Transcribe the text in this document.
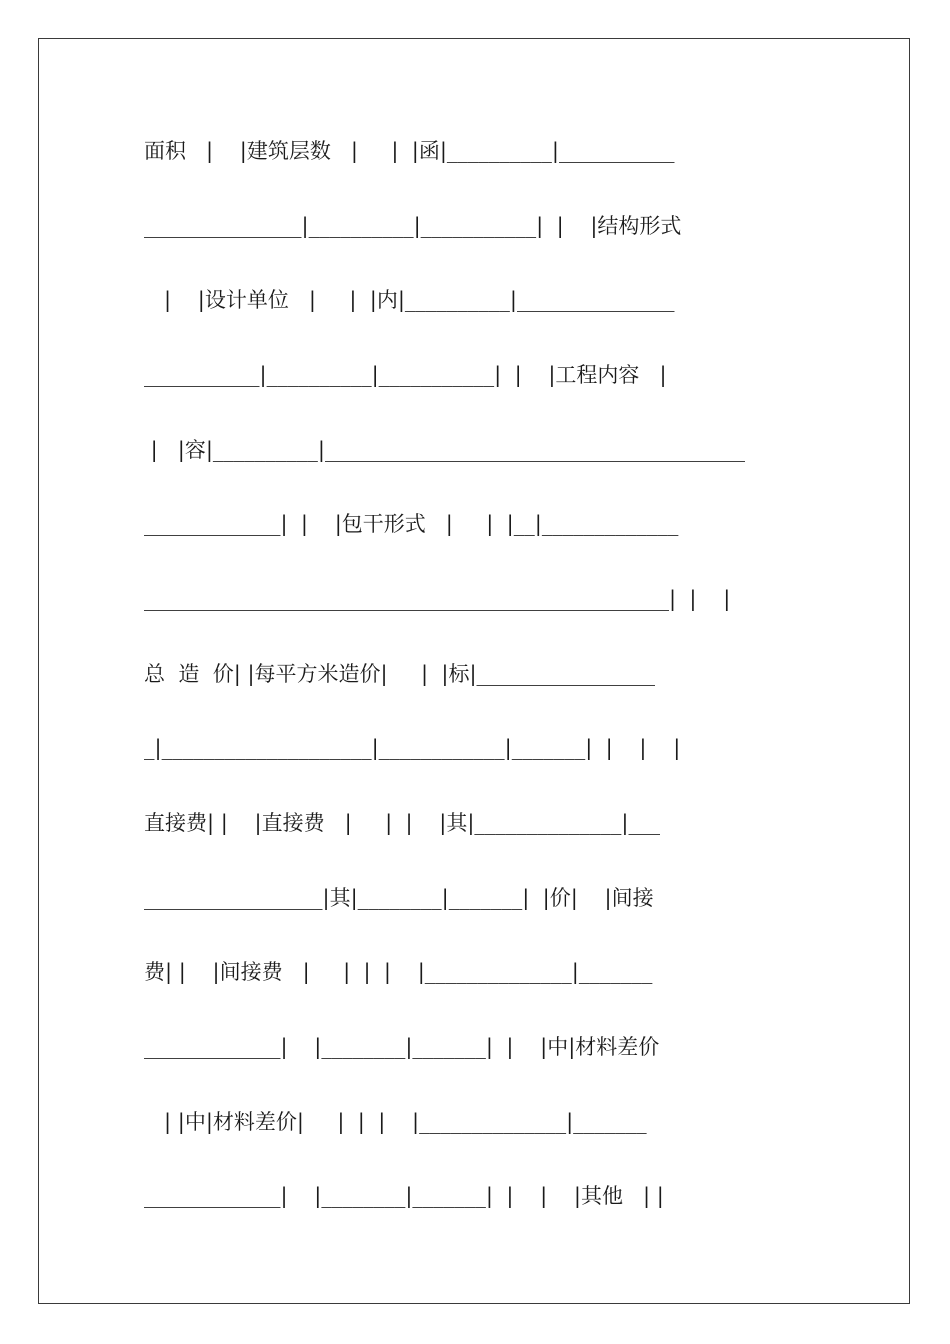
面积   |    |建筑层数   |     |  |函|__________|___________
_______________|__________|___________|  |    |结构形式
|    |设计单位   |     |  |内|__________|_______________
___________|__________|___________|  |    |工程内容   |
|   |容|__________|________________________________________
_____________|  |    |包干形式   |     |  |__|_____________
__________________________________________________|  |    |
总  造  价| |每平方米造价|     |  |标|_________________
_|____________________|____________|_______|  |    |    |
直接费| |    |直接费   |     |  |    |其|______________|___
_________________|其|________|_______|  |价|    |间接
费| |    |间接费   |     |  |  |    |______________|_______
_____________|    |________|_______|  |    |中|材料差价
| |中|材料差价|     |  |  |    |______________|_______
_____________|    |________|_______|  |    |    |其他   | |
